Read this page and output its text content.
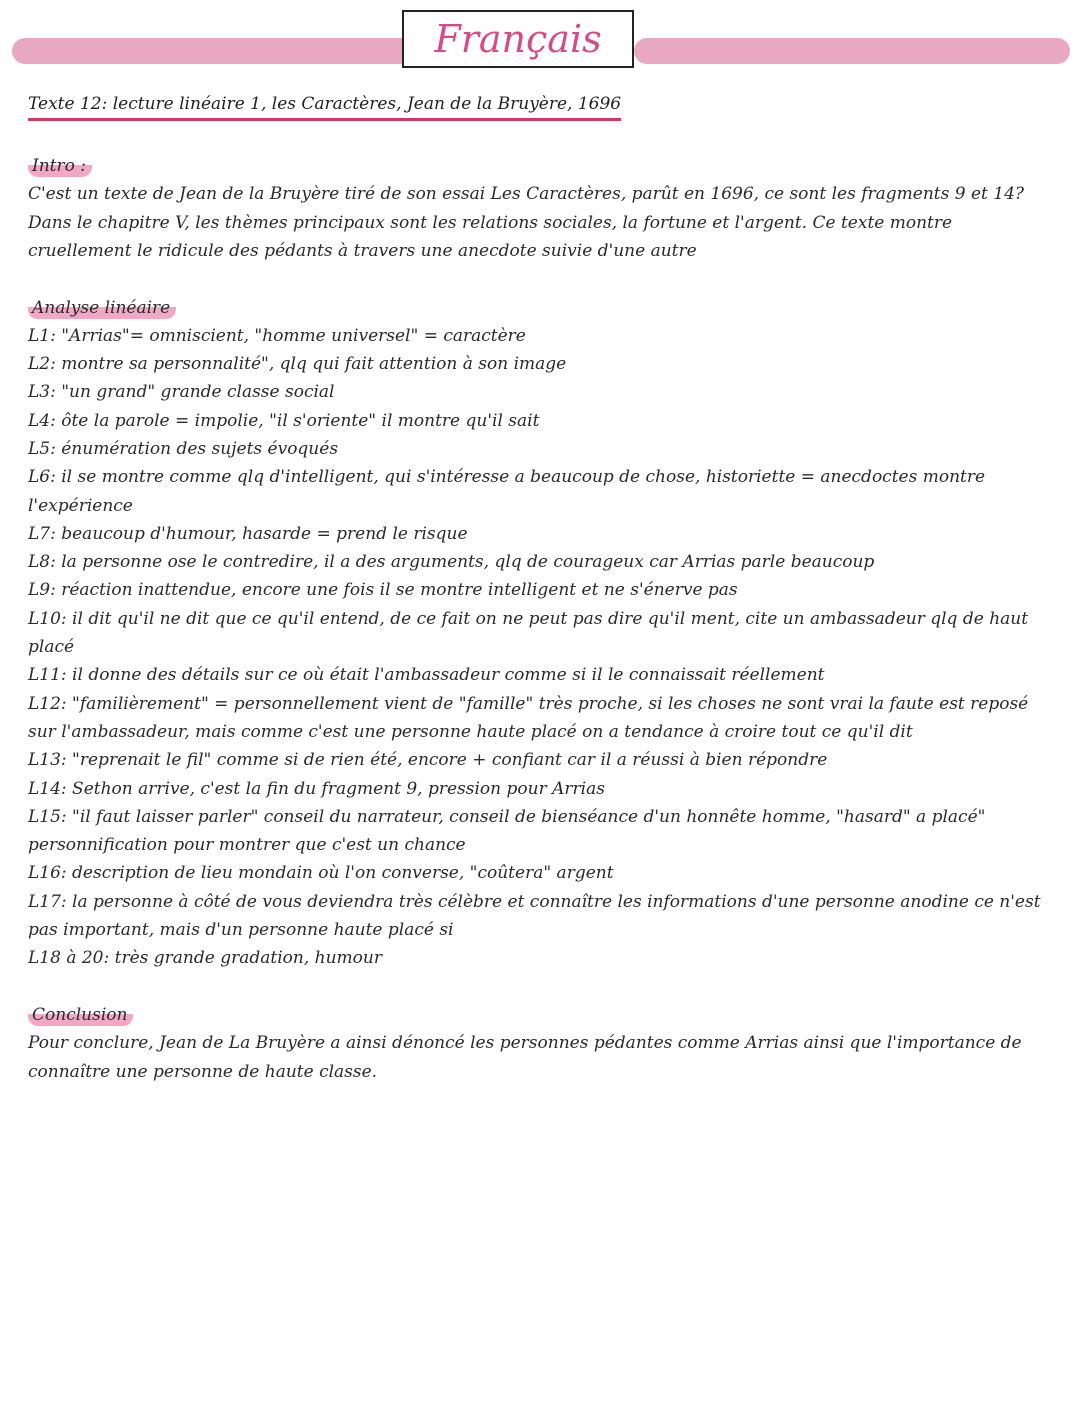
Français
Texte 12: lecture linéaire 1, les Caractères, Jean de la Bruyère, 1696
Intro :

C'est un texte de Jean de la Bruyère tiré de son essai Les Caractères, parût en 1696, ce sont les fragments 9 et 14? Dans le chapitre V, les thèmes principaux sont les relations sociales, la fortune et l'argent. Ce texte montre cruellement le ridicule des pédants à travers une anecdote suivie d'une autre

Analyse linéaire

L1: "Arrias"= omniscient, "homme universel" = caractère

L2: montre sa personnalité", qlq qui fait attention à son image

L3: "un grand" grande classe social

L4: ôte la parole = impolie, "il s'oriente" il montre qu'il sait

L5: énumération des sujets évoqués

L6: il se montre comme qlq d'intelligent, qui s'intéresse a beaucoup de chose, historiette = anecdoctes montre l'expérience

L7: beaucoup d'humour, hasarde = prend le risque

L8: la personne ose le contredire, il a des arguments, qlq de courageux car Arrias parle beaucoup

L9: réaction inattendue, encore une fois il se montre intelligent et ne s'énerve pas

L10: il dit qu'il ne dit que ce qu'il entend, de ce fait on ne peut pas dire qu'il ment, cite un ambassadeur qlq de haut placé

L11: il donne des détails sur ce où était l'ambassadeur comme si il le connaissait réellement

L12: "familièrement" = personnellement vient de "famille" très proche, si les choses ne sont vrai la faute est reposé sur l'ambassadeur, mais comme c'est une personne haute placé on a tendance à croire tout ce qu'il dit

L13: "reprenait le fil" comme si de rien été, encore + confiant car il a réussi à bien répondre

L14: Sethon arrive, c'est la fin du fragment 9, pression pour Arrias

L15: "il faut laisser parler" conseil du narrateur, conseil de bienséance d'un honnête homme, "hasard" a placé" personnification pour montrer que c'est un chance

L16: description de lieu mondain où l'on converse, "coûtera" argent

L17: la personne à côté de vous deviendra très célèbre et connaître les informations d'une personne anodine ce n'est pas important, mais d'un personne haute placé si

L18 à 20: très grande gradation, humour

Conclusion

Pour conclure, Jean de La Bruyère a ainsi dénoncé les personnes pédantes comme Arrias ainsi que l'importance de connaître une personne de haute classe.
